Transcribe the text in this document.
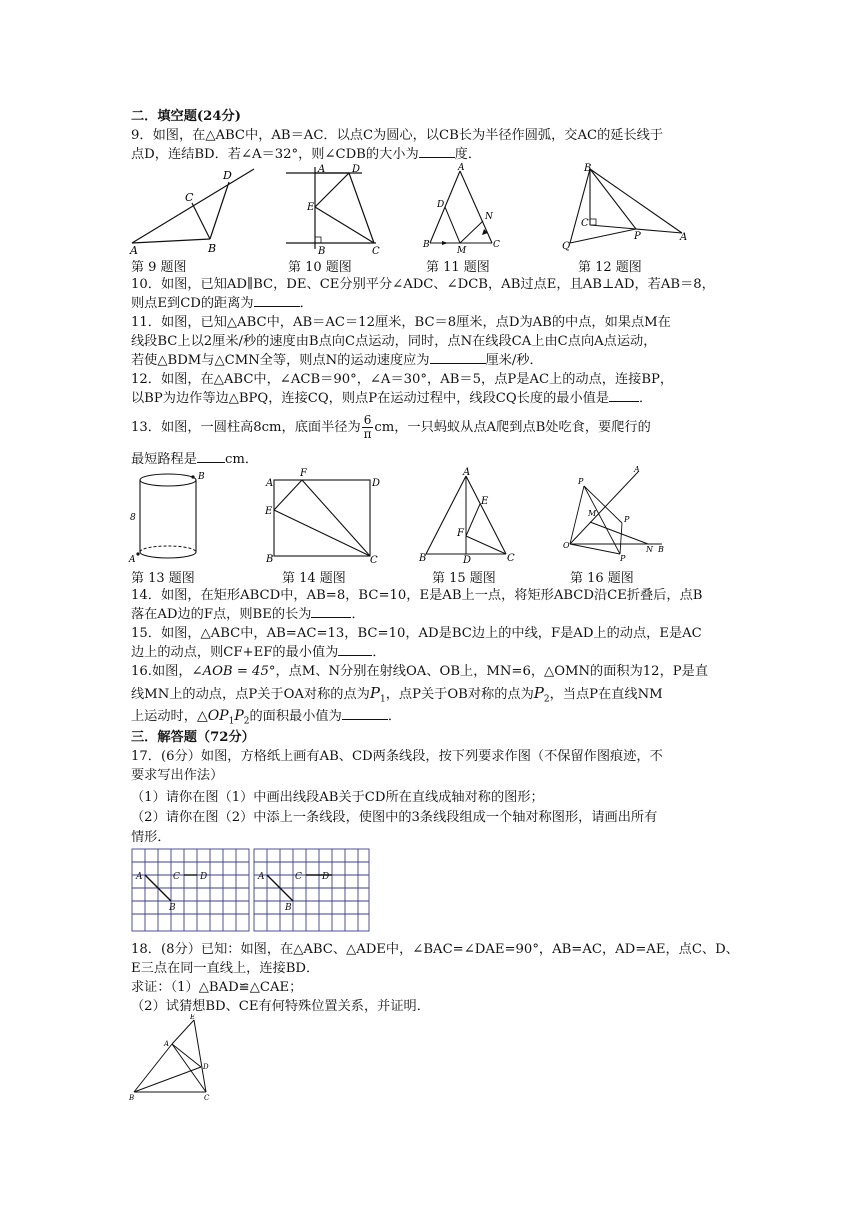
二．填空题(24分)
9．如图，在△ABC中，AB＝AC．以点C为圆心，以CB长为半径作圆弧，交AC的延长线于
点D，连结BD．若∠A＝32°，则∠CDB的大小为	度．
A	B
C
D	A	D
E
B	C
A
D
N
B
M
C
B
C
P	A
Q
第 9 题图	第 10 题图	第 11 题图	第 12 题图
10．如图，已知AD∥BC，DE、CE分别平分∠ADC、∠DCB，AB过点E，且AB⊥AD，若AB＝8，
则点E到CD的距离为	．
11．如图，已知△ABC中，AB＝AC＝12厘米，BC＝8厘米，点D为AB的中点，如果点M在
线段BC上以2厘米/秒的速度由B点向C点运动，同时，点N在线段CA上由C点向A点运动，
若使△BDM与△CMN全等，则点N的运动速度应为	厘米/秒．
12．如图，在△ABC中，∠ACB＝90°，∠A＝30°，AB＝5，点P是AC上的动点，连接BP，
以BP为边作等边△BPQ，连接CQ，则点P在运动过程中，线段CQ长度的最小值是 ．
13．如图，一圆柱高8cm，底面半径为 $\frac{6}{\pi}$ cm，一只蚂蚁从点A爬到点B处吃食，要爬行的
最短路程是 cm．
B
8
A
A
F
D
E
B	C
A
E
F
B	D	C
A
P
M
P
O	N B
P
第 13 题图	第 14 题图	第 15 题图	第 16 题图
14．如图，在矩形ABCD中，AB=8，BC=10，E是AB上一点，将矩形ABCD沿CE折叠后，点B
落在AD边的F点，则BE的长为	．
15．如图，△ABC中，AB=AC=13，BC=10，AD是BC边上的中线，F是AD上的动点，E是AC
边上的动点，则CF+EF的最小值为	．
16.如图，∠AOB = 45°，点M、N分别在射线OA、OB上，MN=6，△OMN的面积为12，P是直
线MN上的动点，点P关于OA对称的点为$P_1$，点P关于OB对称的点为$P_2$，当点P在直线NM
上运动时，$\triangle OP_1P_2$的面积最小值为	．
三．解答题（72分）
17．(6分）如图，方格纸上画有AB、CD两条线段，按下列要求作图（不保留作图痕迹，不
要求写出作法）
（1）请你在图（1）中画出线段AB关于CD所在直线成轴对称的图形；
（2）请你在图（2）中添上一条线段，使图中的3条线段组成一个轴对称图形，请画出所有
情形．
A	C D
B
A	C D
B
18．(8分）已知：如图，在△ABC、△ADE中，∠BAC=∠DAE=90°，AB=AC，AD=AE，点C、D、
E三点在同一直线上，连接BD．
求证：（1）△BAD≌△CAE；
（2）试猜想BD、CE有何特殊位置关系，并证明．
E
A
D
B	C
